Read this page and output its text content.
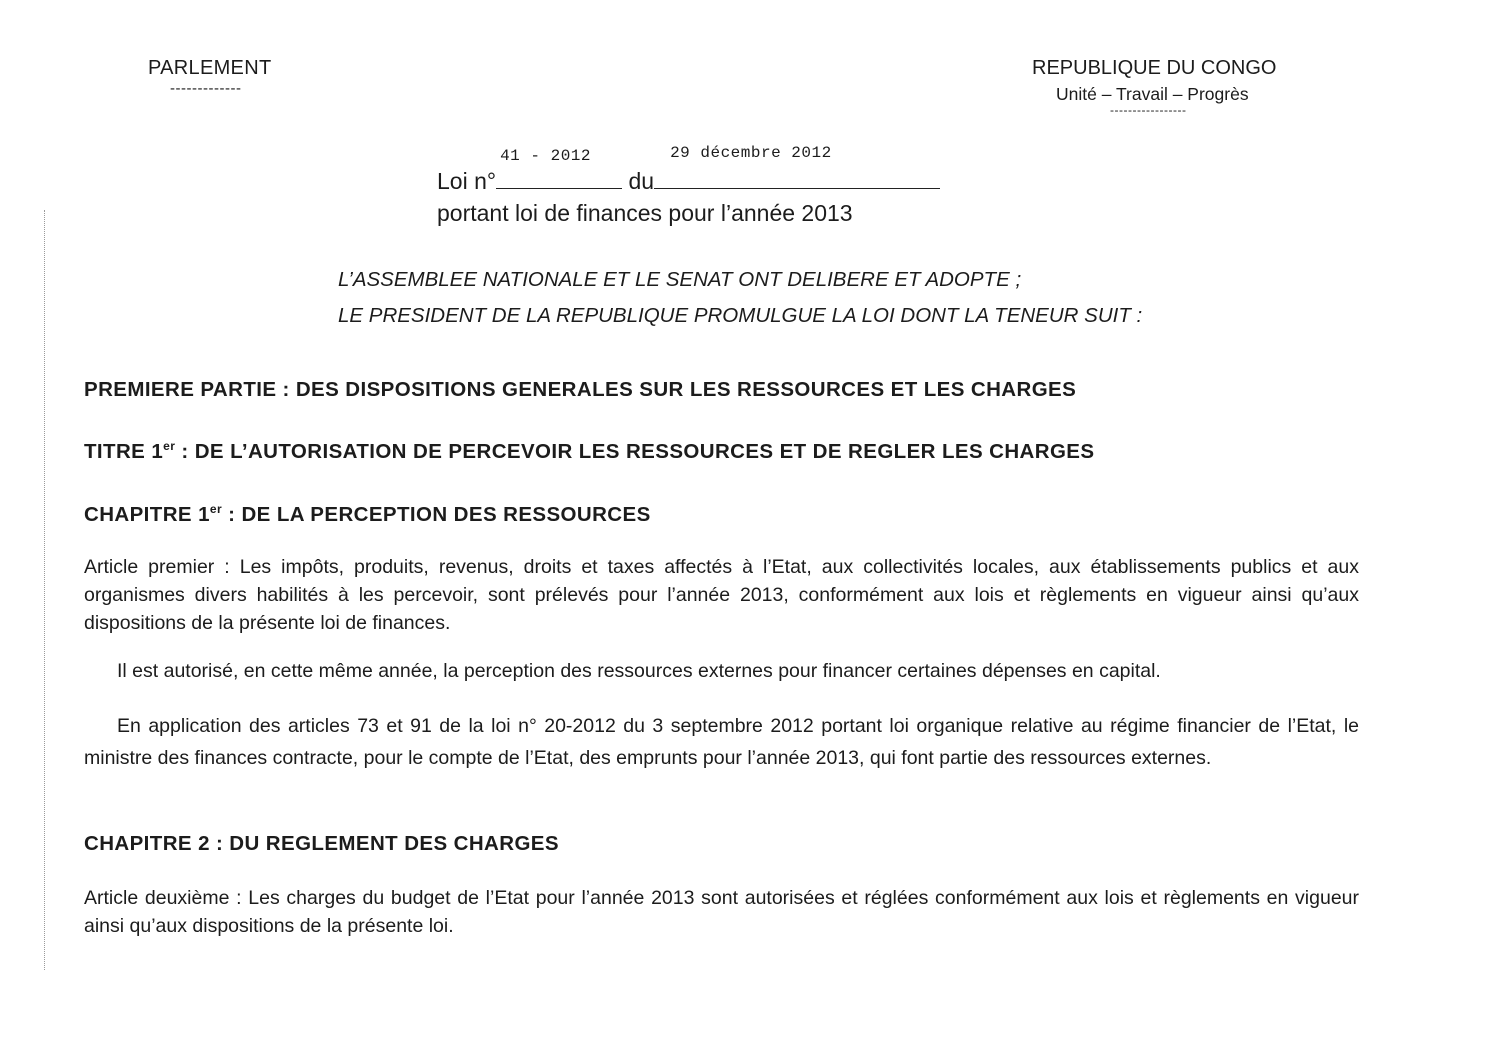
PARLEMENT
-------------
REPUBLIQUE DU CONGO
Unité – Travail – Progrès
-----------------
Loi n°
41 - 2012
du
29 décembre 2012
portant loi de finances pour l’année 2013
L’ASSEMBLEE NATIONALE ET LE SENAT ONT DELIBERE ET ADOPTE ;
LE PRESIDENT DE LA REPUBLIQUE PROMULGUE LA LOI DONT LA TENEUR SUIT :
PREMIERE PARTIE : DES DISPOSITIONS GENERALES SUR LES RESSOURCES ET LES CHARGES
TITRE 1er : DE L’AUTORISATION DE PERCEVOIR LES RESSOURCES ET DE REGLER LES CHARGES
CHAPITRE 1er : DE LA PERCEPTION DES RESSOURCES
Article premier : Les impôts, produits, revenus, droits et taxes affectés à l’Etat, aux collectivités locales, aux établissements publics et aux organismes divers habilités à les percevoir, sont prélevés pour l’année 2013, conformément aux lois et règlements en vigueur ainsi qu’aux dispositions de la présente loi de finances.
Il est autorisé, en cette même année, la perception des ressources externes pour financer certaines dépenses en capital.
En application des articles 73 et 91 de la loi n° 20-2012 du 3 septembre 2012 portant loi organique relative au régime financier de l’Etat, le ministre des finances contracte, pour le compte de l’Etat, des emprunts pour l’année 2013, qui font partie des ressources externes.
CHAPITRE 2 : DU REGLEMENT DES CHARGES
Article deuxième : Les charges du budget de l’Etat pour l’année 2013 sont autorisées et réglées conformément aux lois et règlements en vigueur ainsi qu’aux dispositions de la présente loi.
